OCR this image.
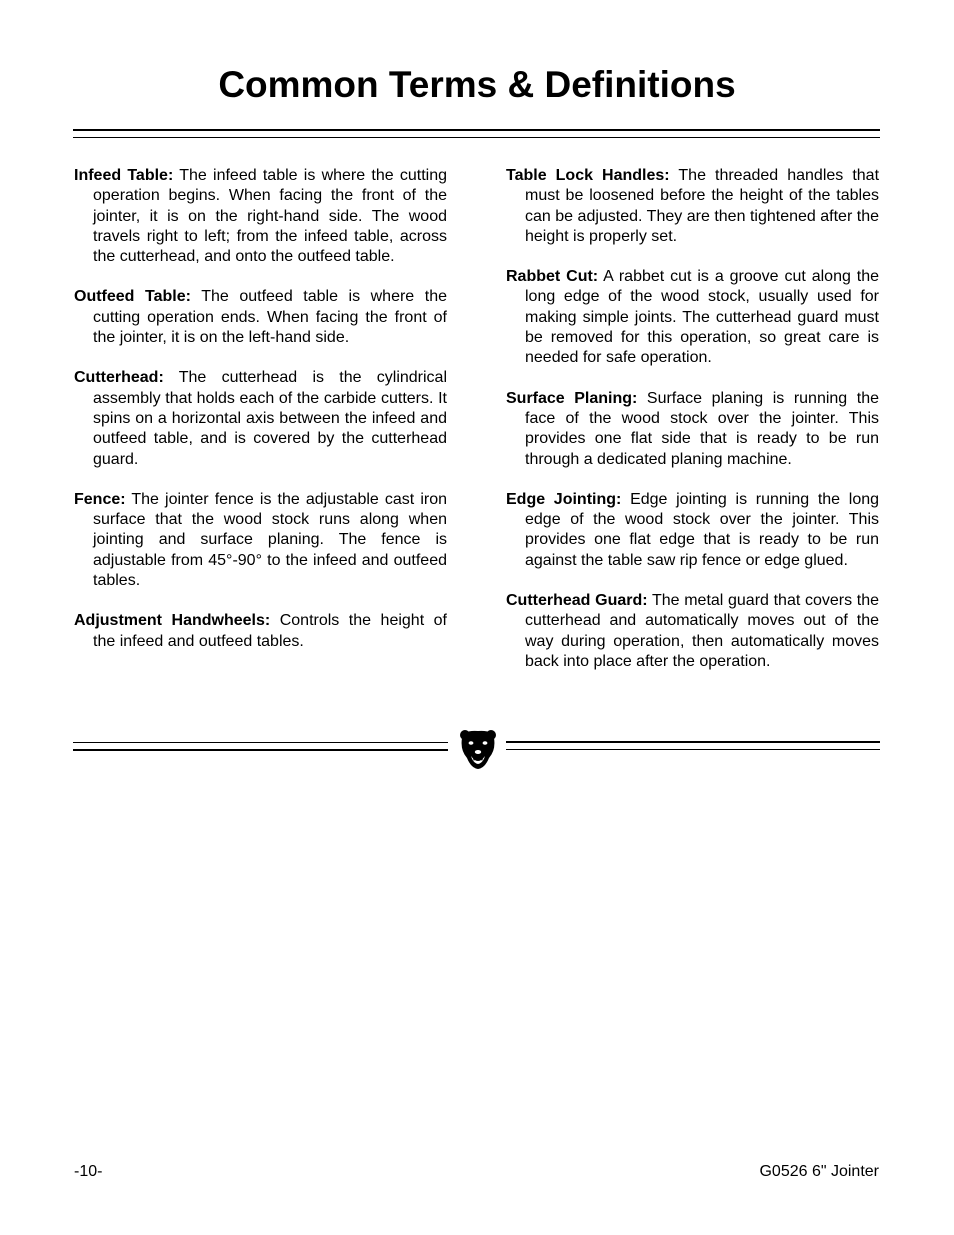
Common Terms & Definitions

Infeed Table: The infeed table is where the cutting operation begins. When facing the front of the jointer, it is on the right-hand side. The wood travels right to left; from the infeed table, across the cutterhead, and onto the outfeed table.

Outfeed Table: The outfeed table is where the cutting operation ends. When facing the front of the jointer, it is on the left-hand side.

Cutterhead: The cutterhead is the cylindrical assembly that holds each of the carbide cutters. It spins on a horizontal axis between the infeed and outfeed table, and is covered by the cutterhead guard.

Fence: The jointer fence is the adjustable cast iron surface that the wood stock runs along when jointing and surface planing. The fence is adjustable from 45°-90° to the infeed and outfeed tables.

Adjustment Handwheels: Controls the height of the infeed and outfeed tables.

Table Lock Handles: The threaded handles that must be loosened before the height of the tables can be adjusted. They are then tightened after the height is properly set.

Rabbet Cut: A rabbet cut is a groove cut along the long edge of the wood stock, usually used for making simple joints. The cutterhead guard must be removed for this operation, so great care is needed for safe operation.

Surface Planing: Surface planing is running the face of the wood stock over the jointer. This provides one flat side that is ready to be run through a dedicated planing machine.

Edge Jointing: Edge jointing is running the long edge of the wood stock over the jointer. This provides one flat edge that is ready to be run against the table saw rip fence or edge glued.

Cutterhead Guard: The metal guard that covers the cutterhead and automatically moves out of the way during operation, then automatically moves back into place after the operation.

-10-	G0526 6" Jointer
